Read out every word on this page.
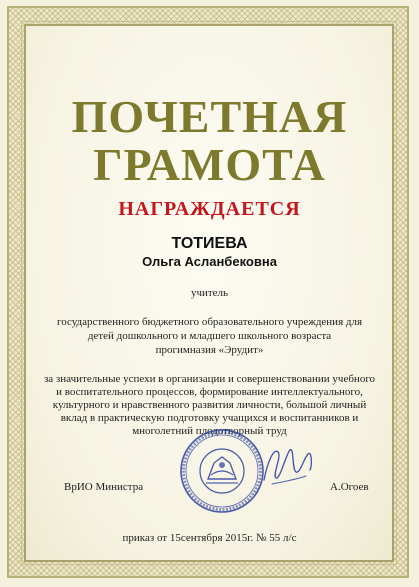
ПОЧЕТНАЯ
ГРАМОТА
НАГРАЖДАЕТСЯ
ТОТИЕВА
Ольга Асланбековна
учитель
государственного бюджетного образовательного учреждения для
детей дошкольного и младшего школьного возраста
прогимназия «Эрудит»
за значительные успехи в организации и совершенствовании учебного
и воспитательного процессов, формирование интеллектуального,
культурного и нравственного развития личности, большой личный
вклад в практическую подготовку учащихся и воспитанников и
многолетний плодотворный труд
ВрИО Министра	А.Огоев
приказ от 15сентября 2015г. № 55 л/с
